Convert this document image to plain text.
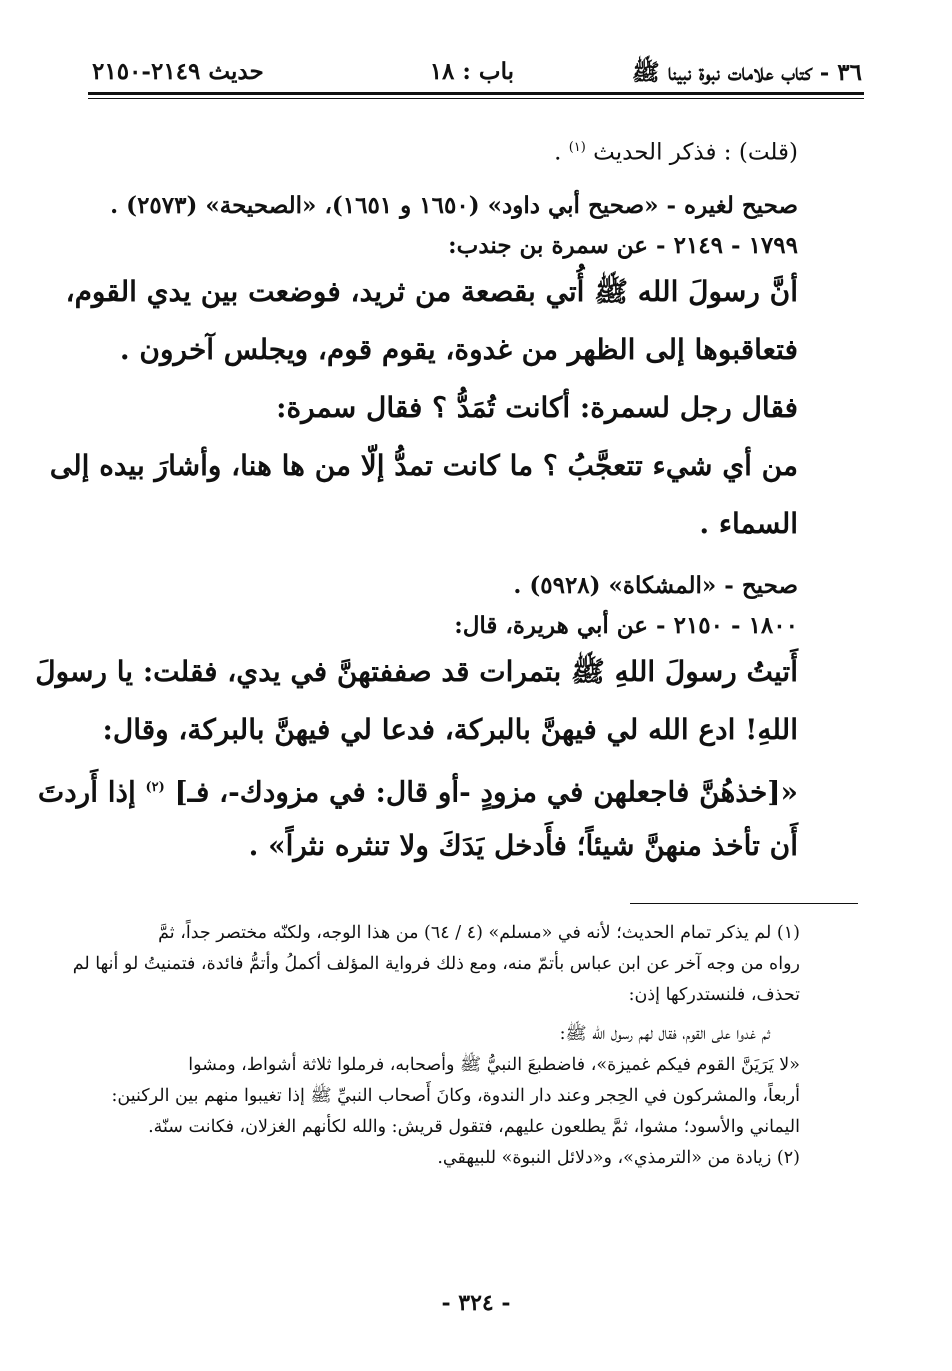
٣٦ - كتاب علامات نبوة نبينا ﷺ
باب : ١٨
حديث ٢١٤٩-٢١٥٠
(قلت) : فذكر الحديث $^{(١)}$ .
صحيح لغيره - «صحيح أبي داود» (١٦٥٠ و ١٦٥١)، «الصحيحة» (٢٥٧٣) .
١٧٩٩ - ٢١٤٩ - عن سمرة بن جندب:
أنَّ رسولَ الله ﷺ أُتي بقصعة من ثريد، فوضعت بين يدي القوم،
فتعاقبوها إلى الظهر من غدوة، يقوم قوم، ويجلس آخرون .
فقال رجل لسمرة: أكانت تُمَدُّ ؟ فقال سمرة:
من أي شيء تتعجَّبُ ؟ ما كانت تمدُّ إلّا من ها هنا، وأشارَ بيده إلى
السماء .
صحيح - «المشكاة» (٥٩٢٨) .
١٨٠٠ - ٢١٥٠ - عن أبي هريرة، قال:
أَتيتُ رسولَ اللهِ ﷺ بتمرات قد صففتهنَّ في يدي، فقلت: يا رسولَ
اللهِ! ادع الله لي فيهنَّ بالبركة، فدعا لي فيهنَّ بالبركة، وقال:
«[خذهُنَّ فاجعلهن في مزودٍ -أو قال: في مزودك-، فـ] $^{(٢)}$ إذا أَردتَ
أَن تأخذ منهنَّ شيئاً؛ فأَدخل يَدَكَ ولا تنثره نثراً» .
(١) لم يذكر تمام الحديث؛ لأنه في «مسلم» (٤ / ٦٤) من هذا الوجه، ولكنّه مختصر جداً، ثمَّ
رواه من وجه آخر عن ابن عباس بأتمّ منه، ومع ذلك فرواية المؤلف أكملُ وأتمُّ فائدة، فتمنيتُ لو أنها لم
تحذف، فلنستدركها إذن:
ثم غدوا على القوم، فقال لهم رسول الله ﷺ:
«لا يَرَيَنَّ القوم فيكم غميزة»، فاضطبعَ النبيُّ ﷺ وأصحابه، فرملوا ثلاثة أشواط، ومشوا
أربعاً، والمشركون في الحِجر وعند دار الندوة، وكانَ أَصحاب النبيِّ ﷺ إذا تغيبوا منهم بين الركنين:
اليماني والأسود؛ مشوا، ثمَّ يطلعون عليهم، فتقول قريش: والله لكأنهم الغزلان، فكانت سنّة.
(٢) زيادة من «الترمذي»، و«دلائل النبوة» للبيهقي.
- ٣٢٤ -
